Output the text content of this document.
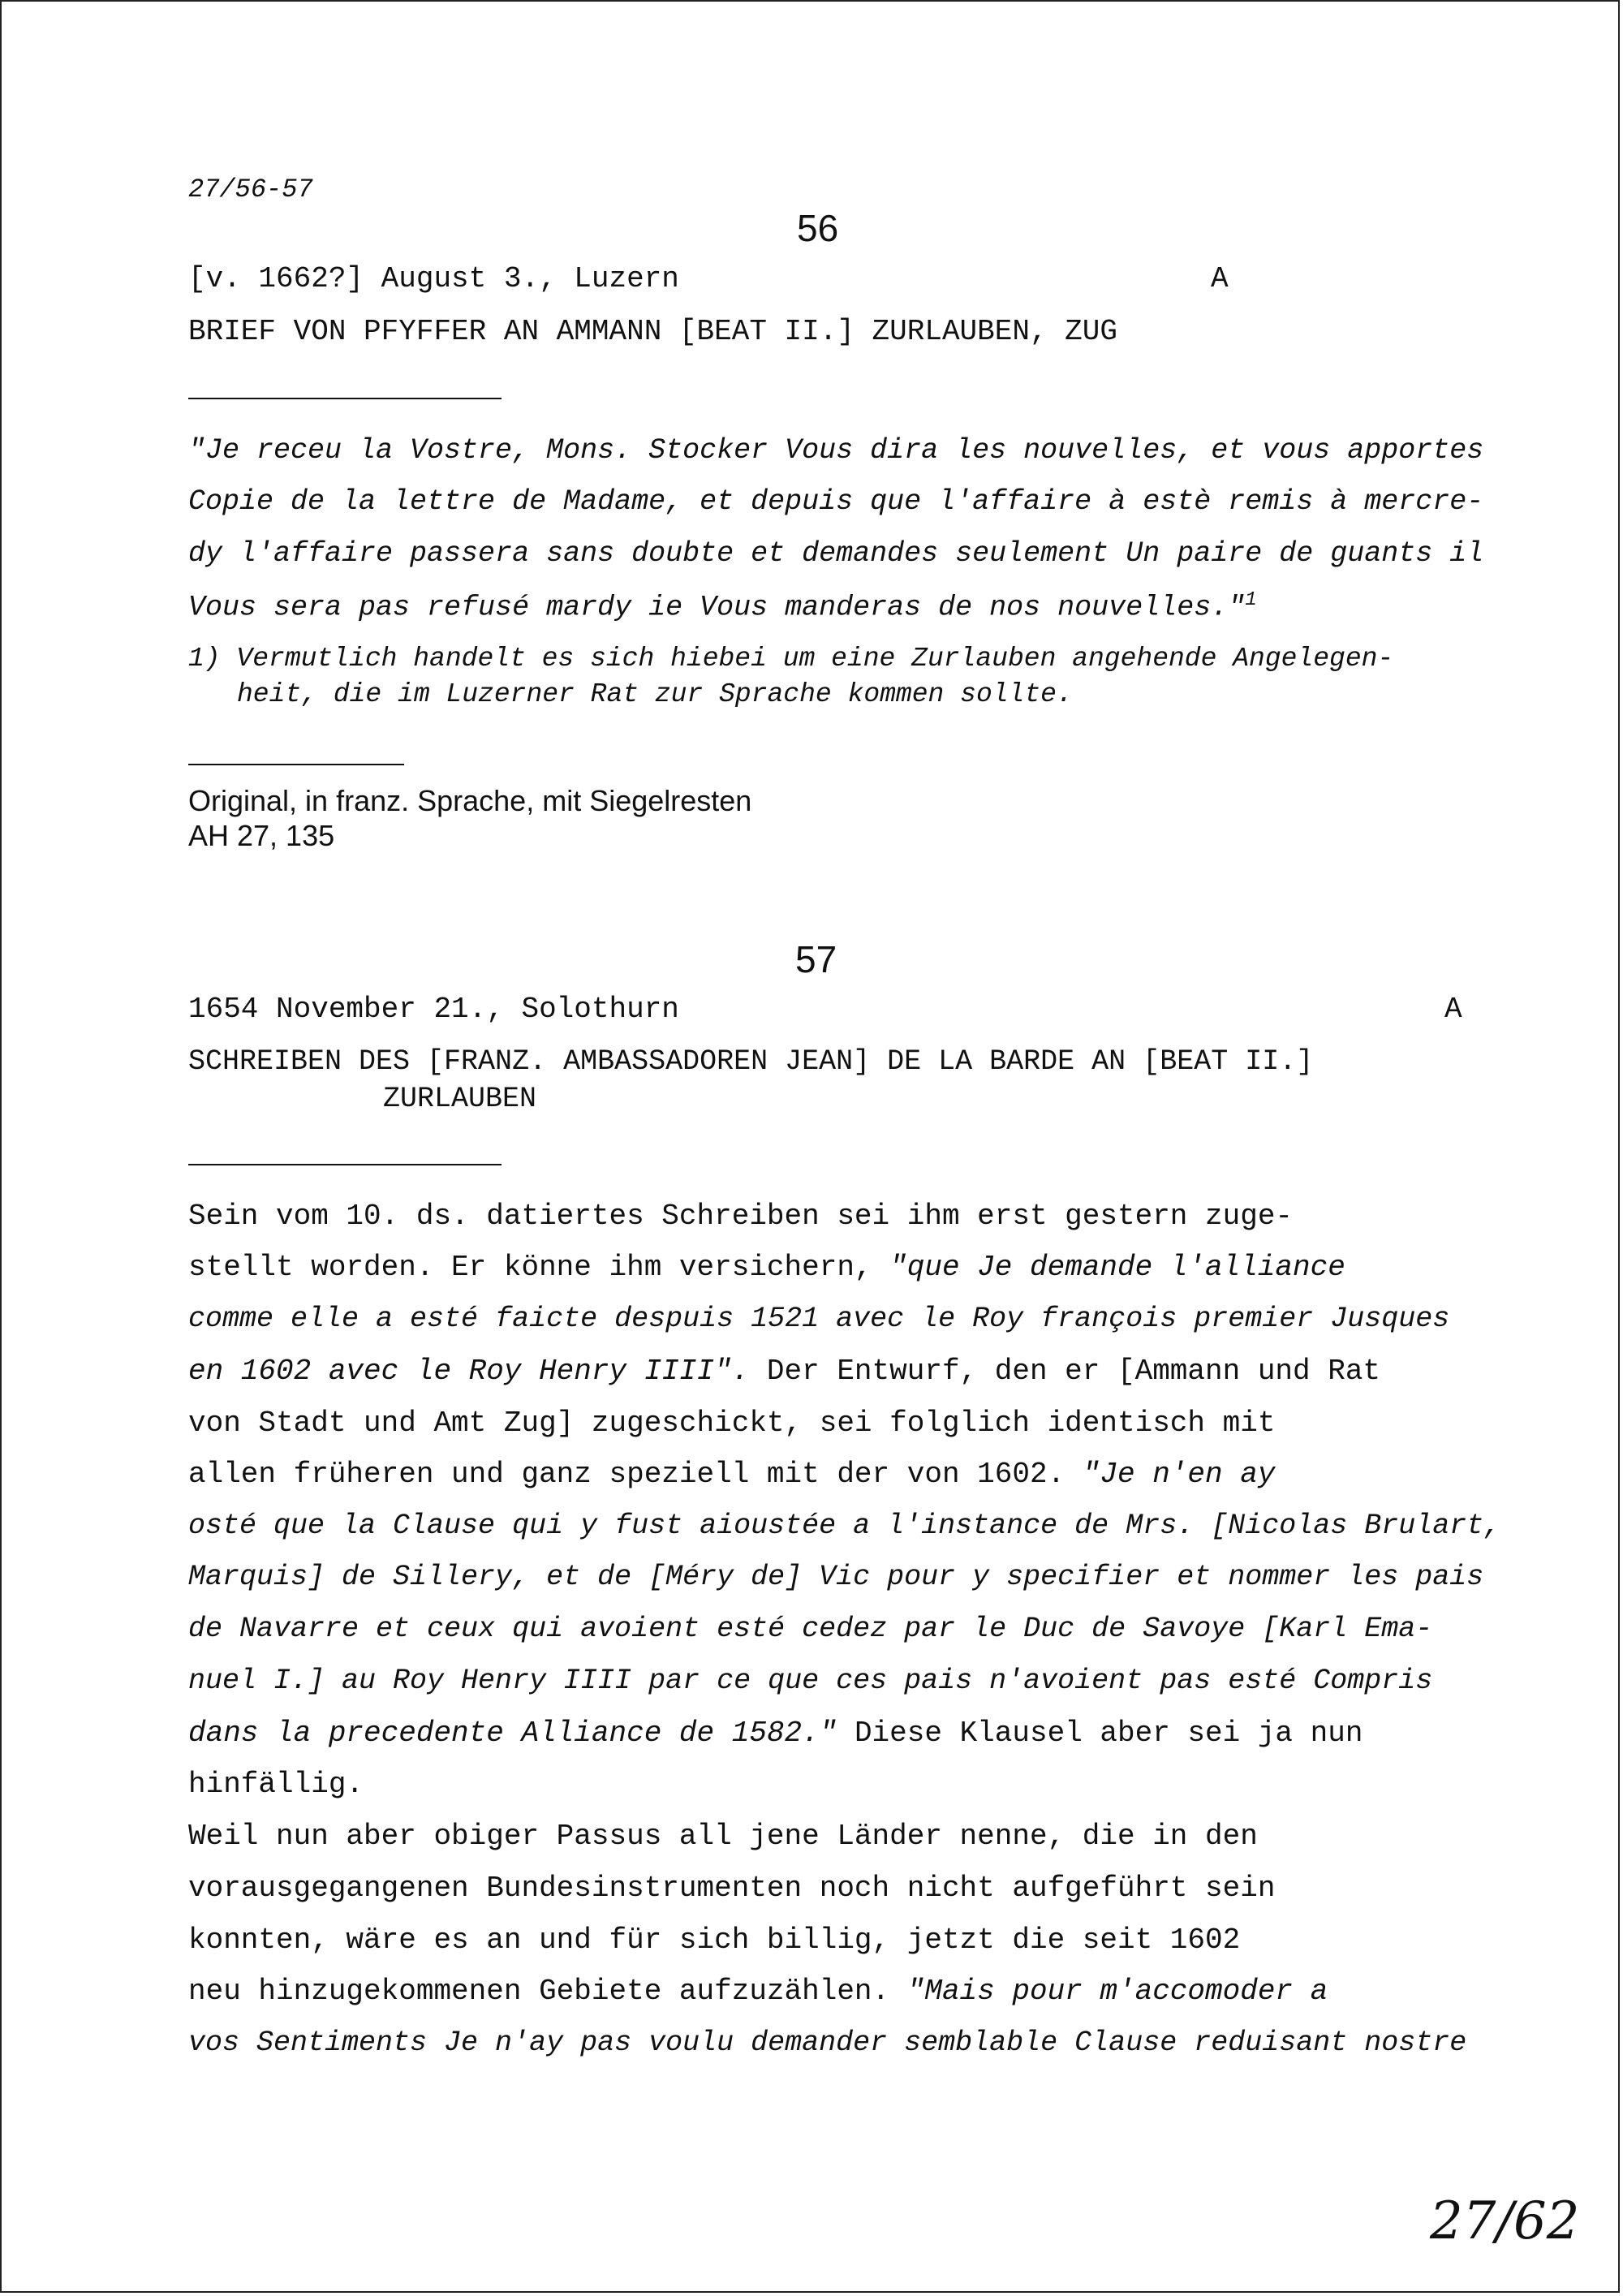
27/56-57
56
[v. 1662?] August 3., Luzern	A
BRIEF VON PFYFFER AN AMMANN [BEAT II.] ZURLAUBEN, ZUG
"Je receu la Vostre, Mons. Stocker Vous dira les nouvelles, et vous apportes
Copie de la lettre de Madame, et depuis que l'affaire à estè remis à mercre-
dy l'affaire passera sans doubte et demandes seulement Un paire de guants il
Vous sera pas refusé mardy ie Vous manderas de nos nouvelles."$^1$
1) Vermutlich handelt es sich hiebei um eine Zurlauben angehende Angelegen-
heit, die im Luzerner Rat zur Sprache kommen sollte.
Original, in franz. Sprache, mit Siegelresten
AH 27, 135
57
1654 November 21., Solothurn	A
SCHREIBEN DES [FRANZ. AMBASSADOREN JEAN] DE LA BARDE AN [BEAT II.]
ZURLAUBEN
Sein vom 10. ds. datiertes Schreiben sei ihm erst gestern zuge-
stellt worden. Er könne ihm versichern, "que Je demande l'alliance
comme elle a esté faicte despuis 1521 avec le Roy françois premier Jusques
en 1602 avec le Roy Henry IIII". Der Entwurf, den er [Ammann und Rat
von Stadt und Amt Zug] zugeschickt, sei folglich identisch mit
allen früheren und ganz speziell mit der von 1602. "Je n'en ay
osté que la Clause qui y fust aioustée a l'instance de Mrs. [Nicolas Brulart,
Marquis] de Sillery, et de [Méry de] Vic pour y specifier et nommer les pais
de Navarre et ceux qui avoient esté cedez par le Duc de Savoye [Karl Ema-
nuel I.] au Roy Henry IIII par ce que ces pais n'avoient pas esté Compris
dans la precedente Alliance de 1582." Diese Klausel aber sei ja nun
hinfällig.
Weil nun aber obiger Passus all jene Länder nenne, die in den
vorausgegangenen Bundesinstrumenten noch nicht aufgeführt sein
konnten, wäre es an und für sich billig, jetzt die seit 1602
neu hinzugekommenen Gebiete aufzuzählen. "Mais pour m'accomoder a
vos Sentiments Je n'ay pas voulu demander semblable Clause reduisant nostre
27/62
